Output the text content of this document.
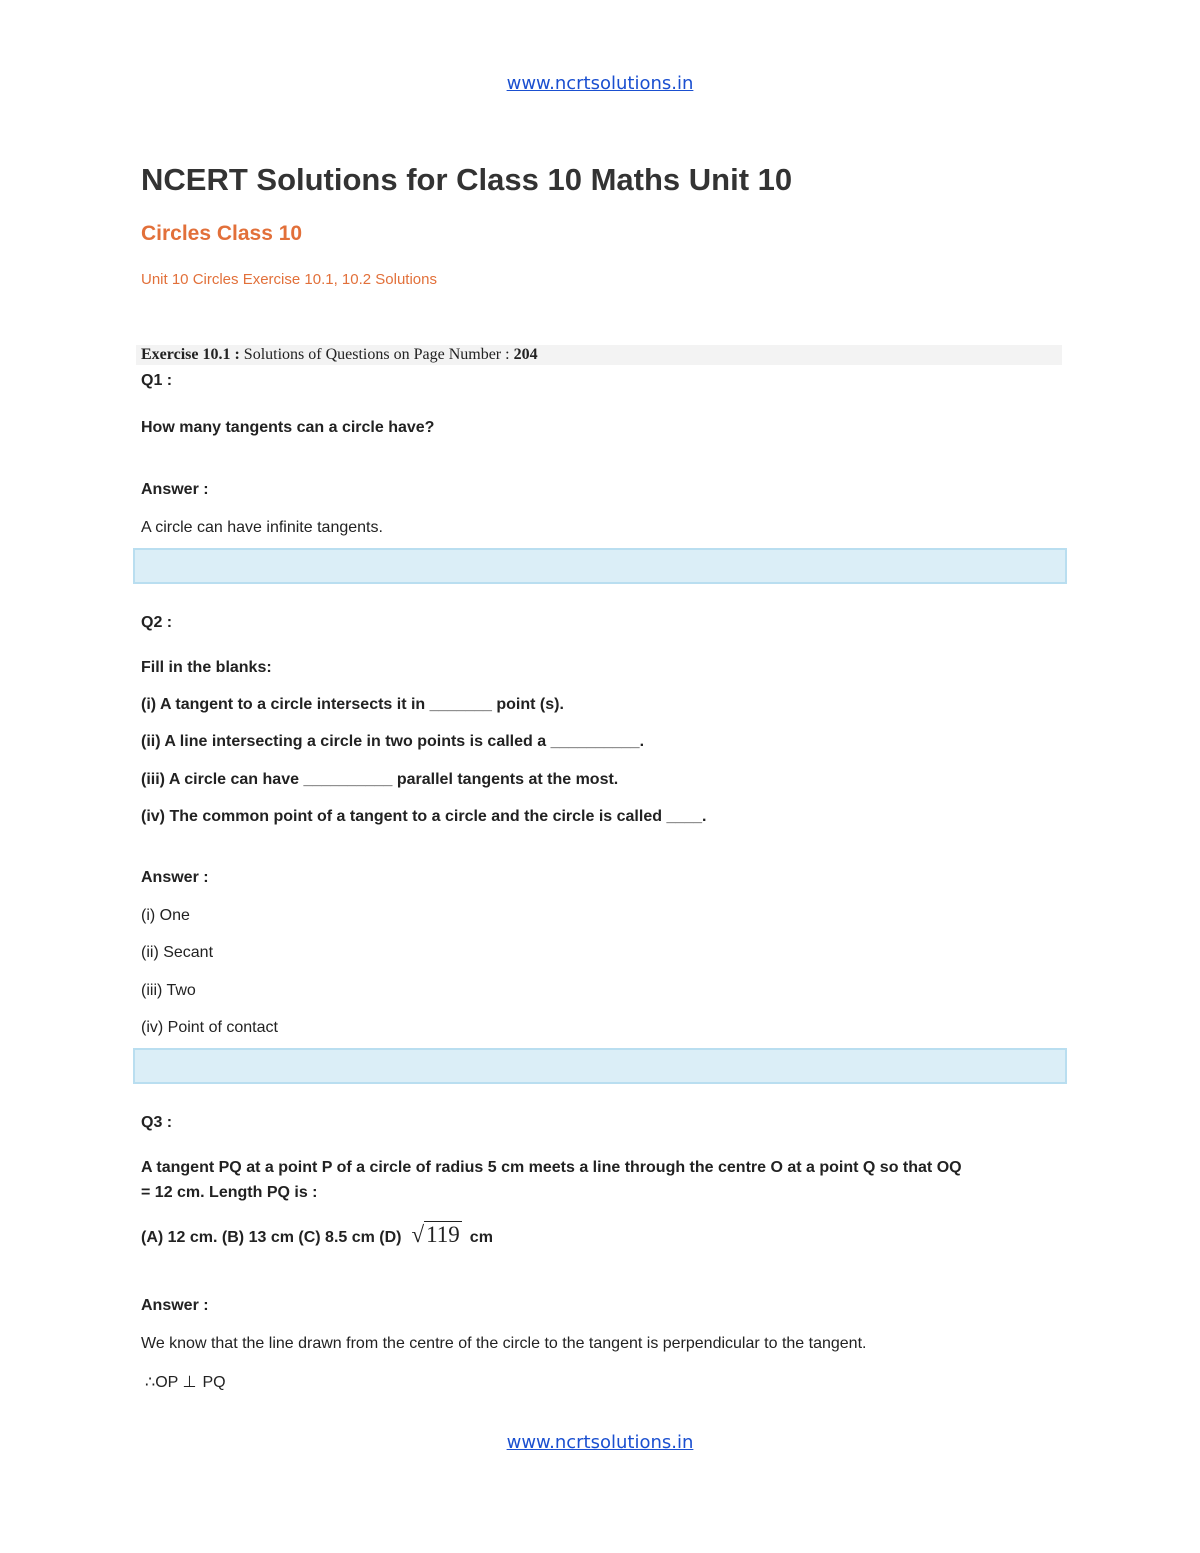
www.ncrtsolutions.in
NCERT Solutions for Class 10 Maths Unit 10
Circles Class 10
Unit 10 Circles Exercise 10.1, 10.2 Solutions
Exercise 10.1 : Solutions of Questions on Page Number : 204
Q1 :
How many tangents can a circle have?
Answer :
A circle can have infinite tangents.
Q2 :
Fill in the blanks:
(i) A tangent to a circle intersects it in _______ point (s).
(ii) A line intersecting a circle in two points is called a __________.
(iii) A circle can have __________ parallel tangents at the most.
(iv) The common point of a tangent to a circle and the circle is called ____.
Answer :
(i) One
(ii) Secant
(iii) Two
(iv) Point of contact
Q3 :
A tangent PQ at a point P of a circle of radius 5 cm meets a line through the centre O at a point Q so that OQ
= 12 cm. Length PQ is :
(A) 12 cm. (B) 13 cm (C) 8.5 cm (D) √119 cm
Answer :
We know that the line drawn from the centre of the circle to the tangent is perpendicular to the tangent.
∴OP ⊥ PQ
www.ncrtsolutions.in
